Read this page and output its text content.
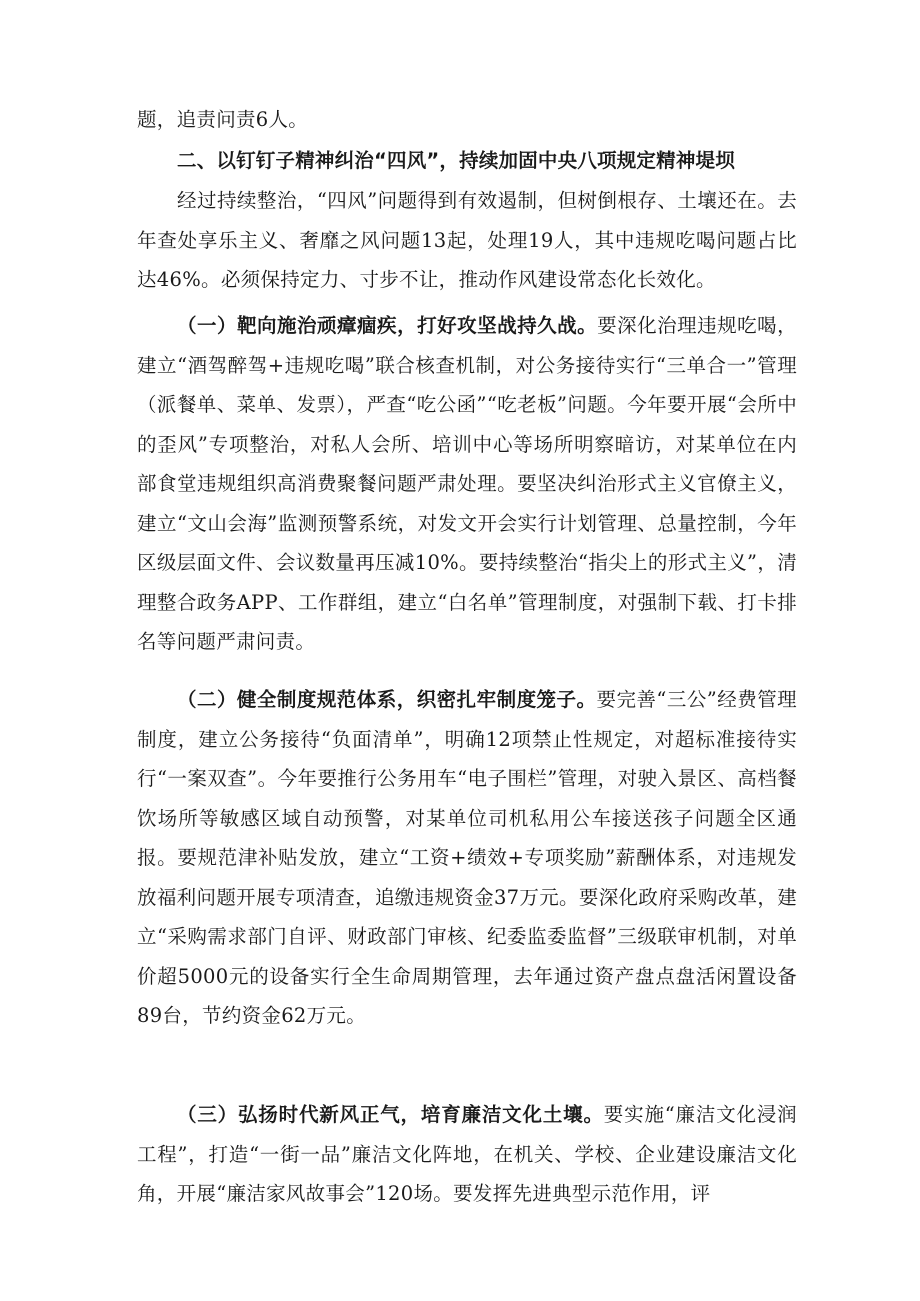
题，追责问责6人。

二、以钉钉子精神纠治“四风”，持续加固中央八项规定精神堤坝

经过持续整治，“四风”问题得到有效遏制，但树倒根存、土壤还在。去年查处享乐主义、奢靡之风问题13起，处理19人，其中违规吃喝问题占比达46%。必须保持定力、寸步不让，推动作风建设常态化长效化。

（一）靶向施治顽瘴痼疾，打好攻坚战持久战。要深化治理违规吃喝，建立“酒驾醉驾+违规吃喝”联合核查机制，对公务接待实行“三单合一”管理（派餐单、菜单、发票），严查“吃公函”“吃老板”问题。今年要开展“会所中的歪风”专项整治，对私人会所、培训中心等场所明察暗访，对某单位在内部食堂违规组织高消费聚餐问题严肃处理。要坚决纠治形式主义官僚主义，建立“文山会海”监测预警系统，对发文开会实行计划管理、总量控制，今年区级层面文件、会议数量再压减10%。要持续整治“指尖上的形式主义”，清理整合政务APP、工作群组，建立“白名单”管理制度，对强制下载、打卡排名等问题严肃问责。

（二）健全制度规范体系，织密扎牢制度笼子。要完善“三公”经费管理制度，建立公务接待“负面清单”，明确12项禁止性规定，对超标准接待实行“一案双查”。今年要推行公务用车“电子围栏”管理，对驶入景区、高档餐饮场所等敏感区域自动预警，对某单位司机私用公车接送孩子问题全区通报。要规范津补贴发放，建立“工资+绩效+专项奖励”薪酬体系，对违规发放福利问题开展专项清查，追缴违规资金37万元。要深化政府采购改革，建立“采购需求部门自评、财政部门审核、纪委监委监督”三级联审机制，对单价超5000元的设备实行全生命周期管理，去年通过资产盘点盘活闲置设备89台，节约资金62万元。

（三）弘扬时代新风正气，培育廉洁文化土壤。要实施“廉洁文化浸润工程”，打造“一街一品”廉洁文化阵地，在机关、学校、企业建设廉洁文化角，开展“廉洁家风故事会”120场。要发挥先进典型示范作用，评
